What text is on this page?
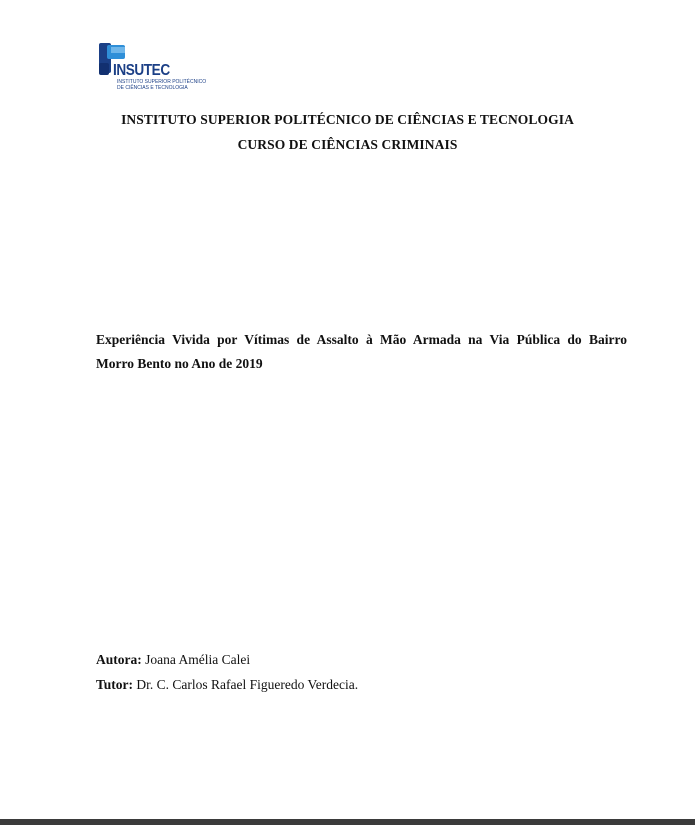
INSUTEC
INSTITUTO SUPERIOR POLITÉCNICO
DE CIÊNCIAS E TECNOLOGIA
INSTITUTO SUPERIOR POLITÉCNICO DE CIÊNCIAS E TECNOLOGIA
CURSO DE CIÊNCIAS CRIMINAIS
Experiência Vivida por Vítimas de Assalto à Mão Armada na Via Pública do Bairro
Morro Bento no Ano de 2019
Autora: Joana Amélia Calei
Tutor: Dr. C. Carlos Rafael Figueredo Verdecia.
